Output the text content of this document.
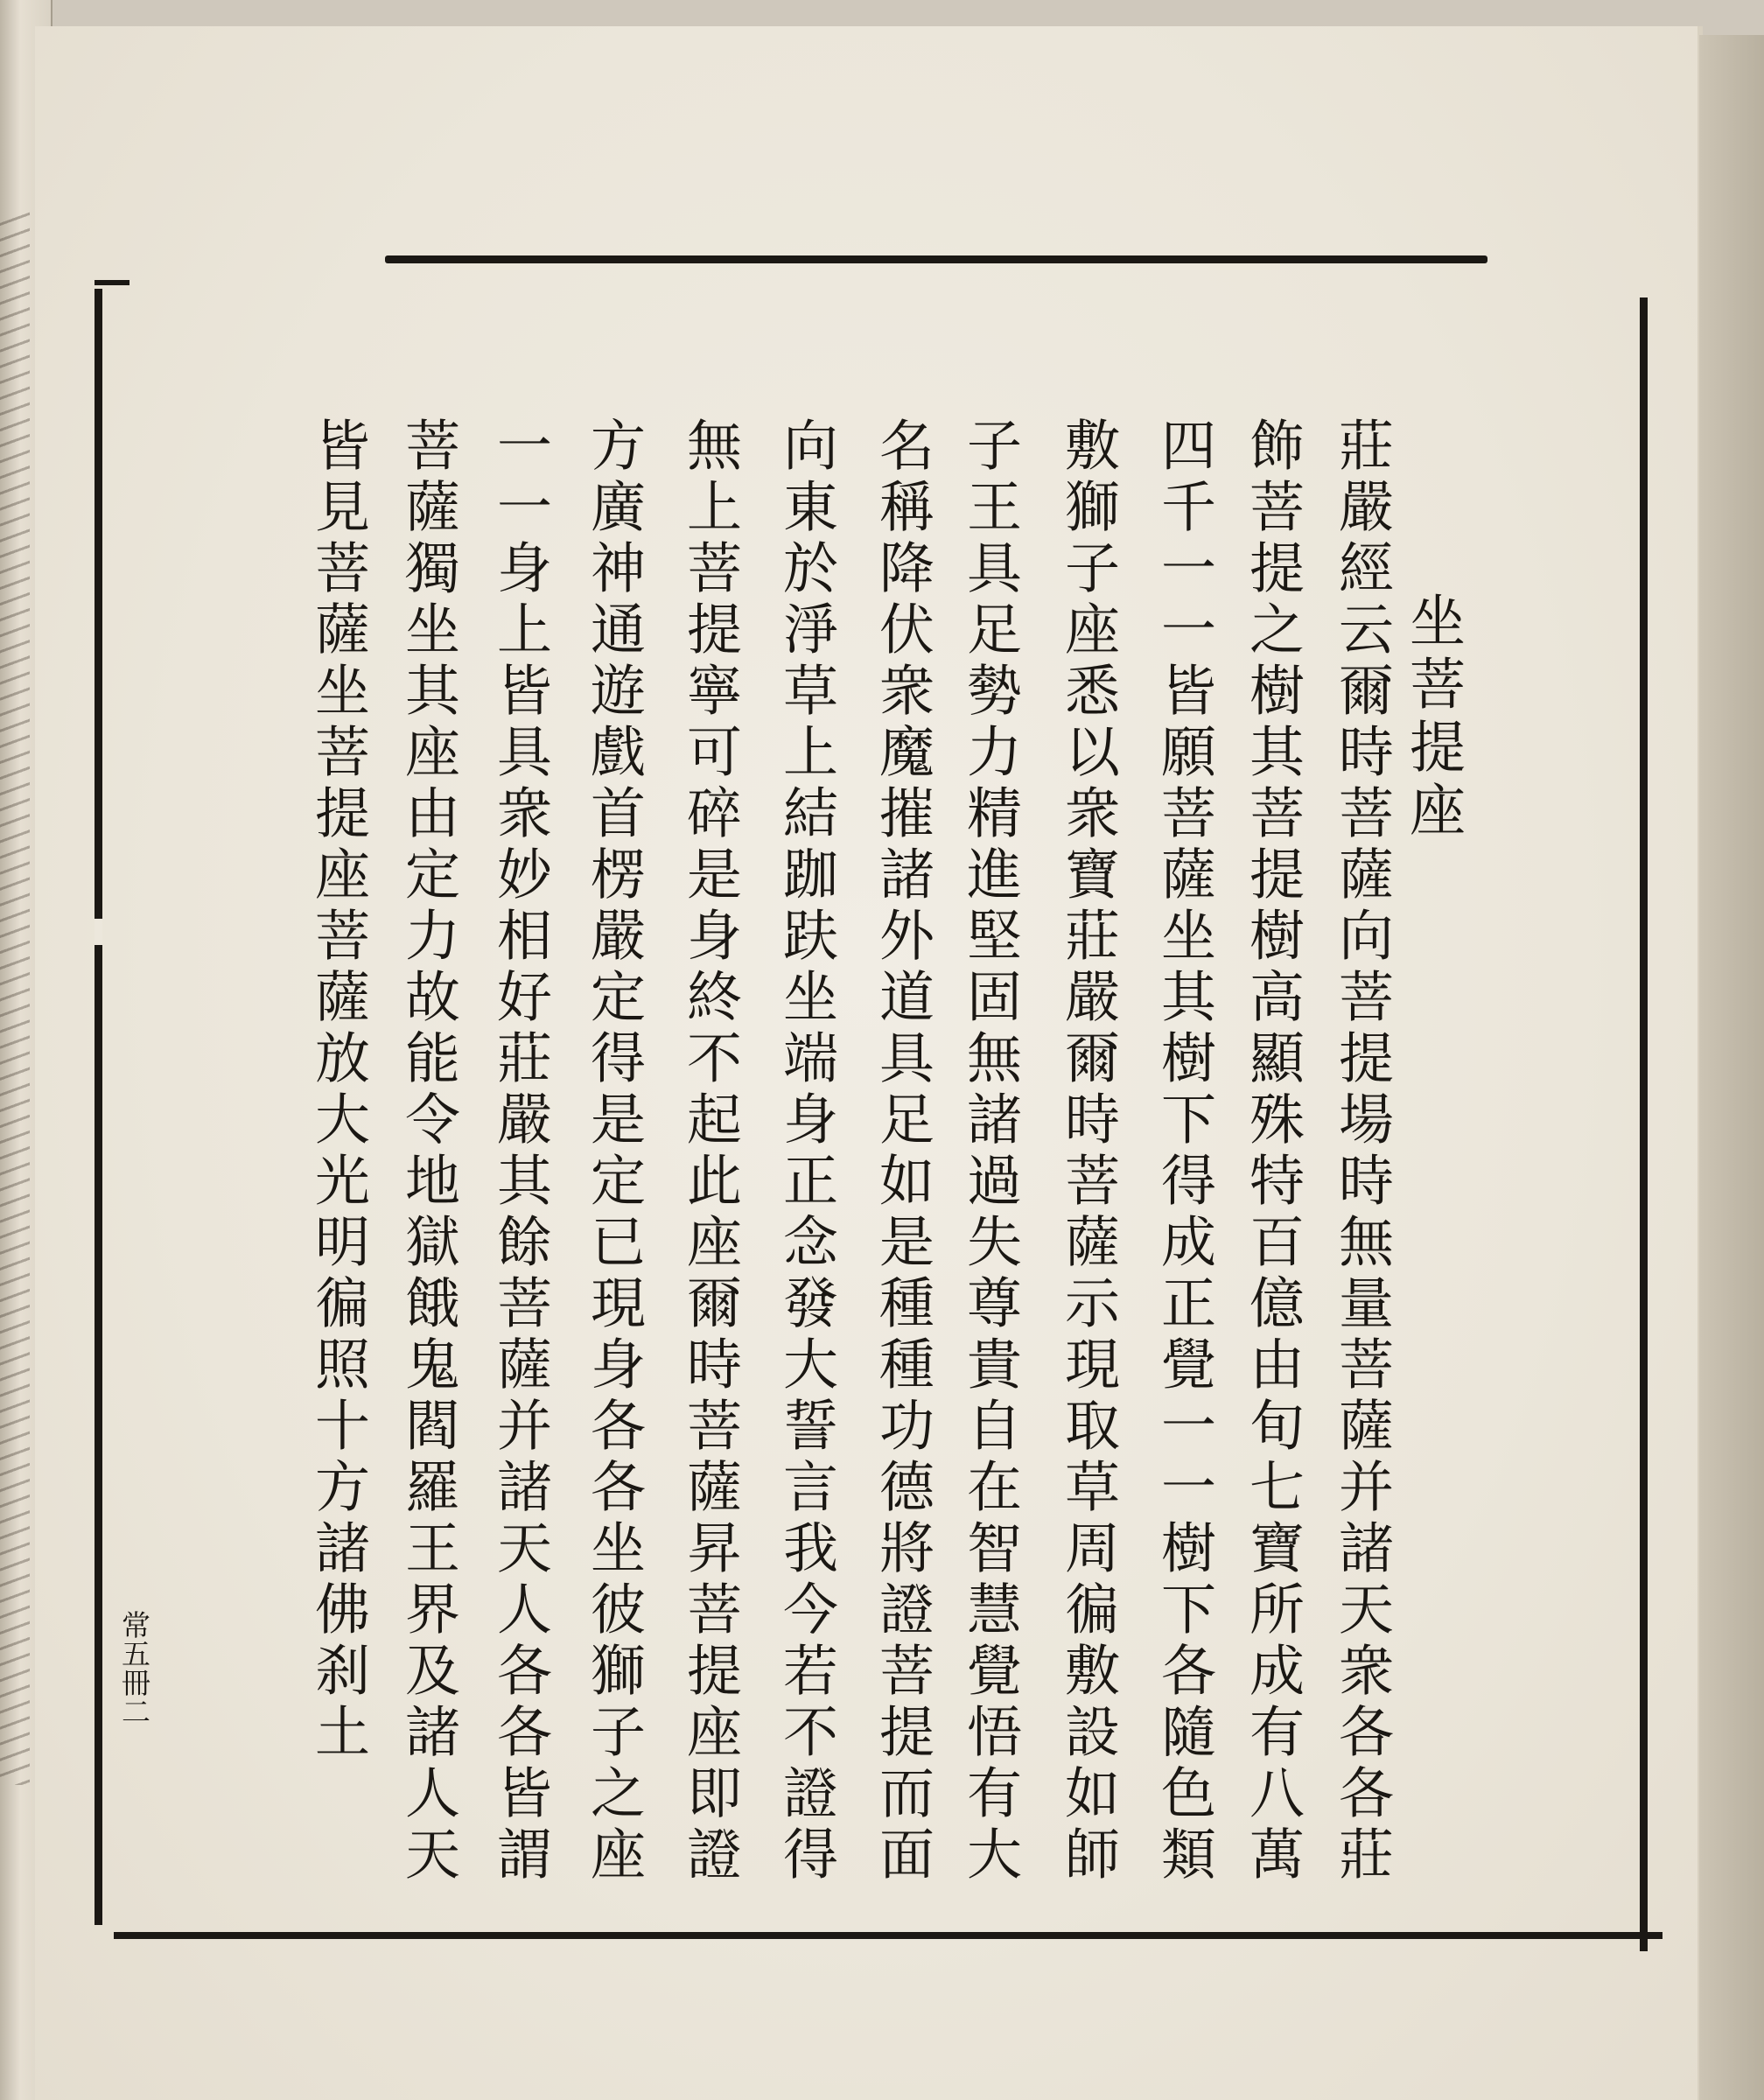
坐菩提座
莊嚴經云爾時菩薩向菩提場時無量菩薩并諸天衆各各莊
飾菩提之樹其菩提樹高顯殊特百億由旬七寶所成有八萬
四千一一皆願菩薩坐其樹下得成正覺一一樹下各隨色類
敷獅子座悉以衆寶莊嚴爾時菩薩示現取草周徧敷設如師
子王具足勢力精進堅固無諸過失尊貴自在智慧覺悟有大
名稱降伏衆魔摧諸外道具足如是種種功德將證菩提而面
向東於淨草上結跏趺坐端身正念發大誓言我今若不證得
無上菩提寧可碎是身終不起此座爾時菩薩昇菩提座即證
方廣神通遊戲首楞嚴定得是定已現身各各坐彼獅子之座
一一身上皆具衆妙相好莊嚴其餘菩薩并諸天人各各皆謂
菩薩獨坐其座由定力故能令地獄餓鬼閻羅王界及諸人天
皆見菩薩坐菩提座菩薩放大光明徧照十方諸佛刹土
常五冊二
